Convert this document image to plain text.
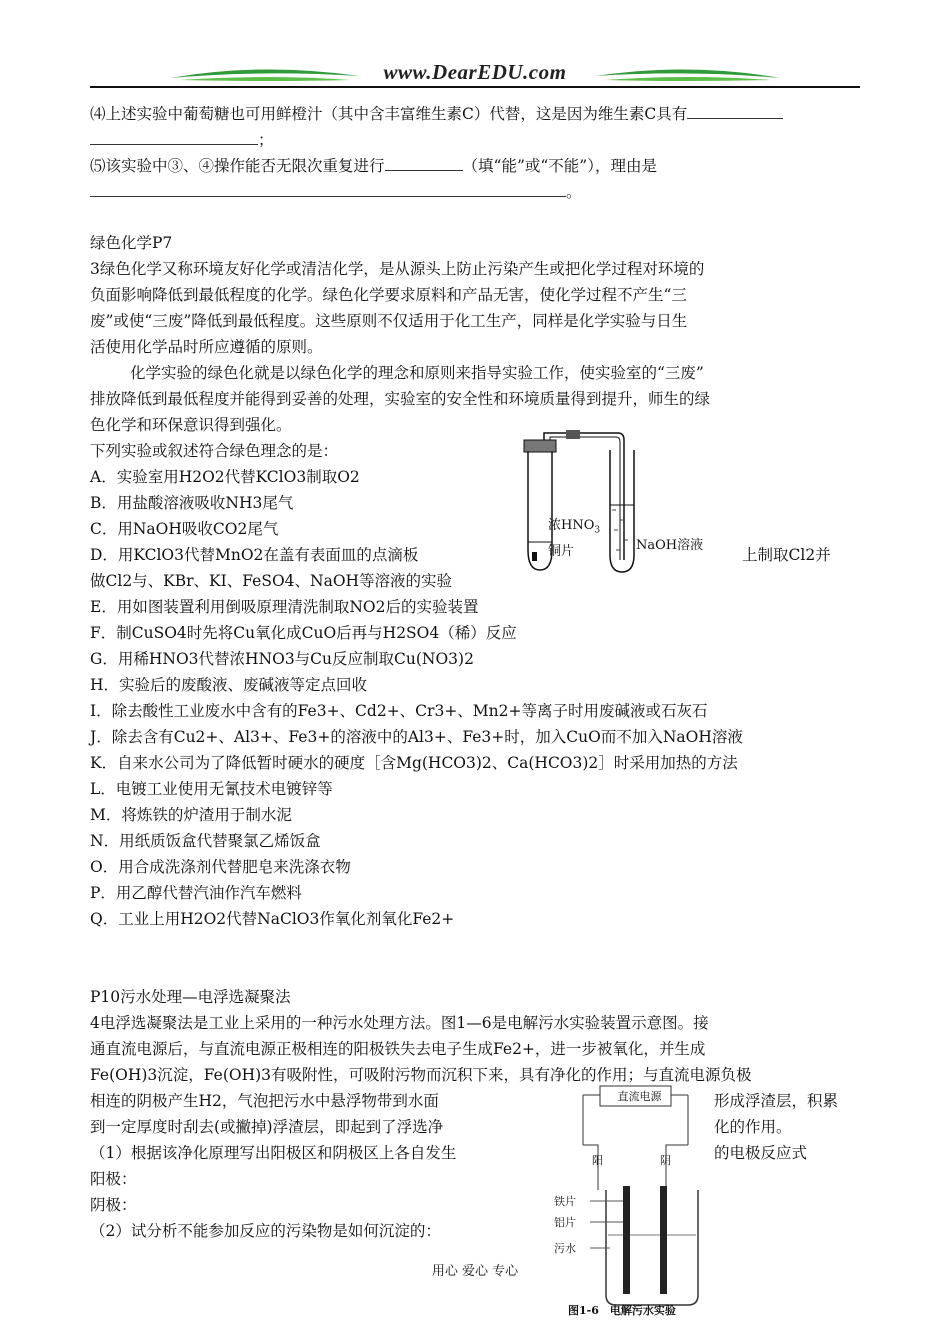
www.DearEDU.com
⑷上述实验中葡萄糖也可用鲜橙汁（其中含丰富维生素C）代替，这是因为维生素C具有
；
⑸该实验中③、④操作能否无限次重复进行	（填“能”或“不能”），理由是
。
绿色化学P7
3绿色化学又称环境友好化学或清洁化学，是从源头上防止污染产生或把化学过程对环境的
负面影响降低到最低程度的化学。绿色化学要求原料和产品无害，使化学过程不产生“三
废”或使“三废”降低到最低程度。这些原则不仅适用于化工生产，同样是化学实验与日生
活使用化学品时所应遵循的原则。
化学实验的绿色化就是以绿色化学的理念和原则来指导实验工作，使实验室的“三废”
排放降低到最低程度并能得到妥善的处理，实验室的安全性和环境质量得到提升，师生的绿
色化学和环保意识得到强化。
下列实验或叙述符合绿色理念的是：
A．实验室用H2O2代替KClO3制取O2
B．用盐酸溶液吸收NH3尾气
C．用NaOH吸收CO2尾气
D．用KClO3代替MnO2在盖有表面皿的点滴板	上制取Cl2并
做Cl2与、KBr、KI、FeSO4、NaOH等溶液的实验
E．用如图装置利用倒吸原理清洗制取NO2后的实验装置
F．制CuSO4时先将Cu氧化成CuO后再与H2SO4（稀）反应
G．用稀HNO3代替浓HNO3与Cu反应制取Cu(NO3)2
H．实验后的废酸液、废碱液等定点回收
I．除去酸性工业废水中含有的Fe3+、Cd2+、Cr3+、Mn2+等离子时用废碱液或石灰石
J．除去含有Cu2+、Al3+、Fe3+的溶液中的Al3+、Fe3+时，加入CuO而不加入NaOH溶液
K．自来水公司为了降低暂时硬水的硬度［含Mg(HCO3)2、Ca(HCO3)2］时采用加热的方法
L．电镀工业使用无氰技术电镀锌等
M．将炼铁的炉渣用于制水泥
N．用纸质饭盒代替聚氯乙烯饭盒
O．用合成洗涤剂代替肥皂来洗涤衣物
P．用乙醇代替汽油作汽车燃料
Q．工业上用H2O2代替NaClO3作氧化剂氧化Fe2+
浓$HNO_3$
铜片	NaOH溶液
P10污水处理—电浮选凝聚法
4电浮选凝聚法是工业上采用的一种污水处理方法。图1—6是电解污水实验装置示意图。接
通直流电源后，与直流电源正极相连的阳极铁失去电子生成Fe2+，进一步被氧化，并生成
Fe(OH)3沉淀，Fe(OH)3有吸附性，可吸附污物而沉积下来，具有净化的作用；与直流电源负极
相连的阴极产生H2，气泡把污水中悬浮物带到水面	形成浮渣层，积累
到一定厚度时刮去(或撇掉)浮渣层，即起到了浮选净	化的作用。
（1）根据该净化原理写出阳极区和阴极区上各自发生	的电极反应式
阳极：
阴极：
（2）试分析不能参加反应的污染物是如何沉淀的：
直流电源
阳	阴
铁片
铝片
污水
图1-6　电解污水实验
用心 爱心 专心
